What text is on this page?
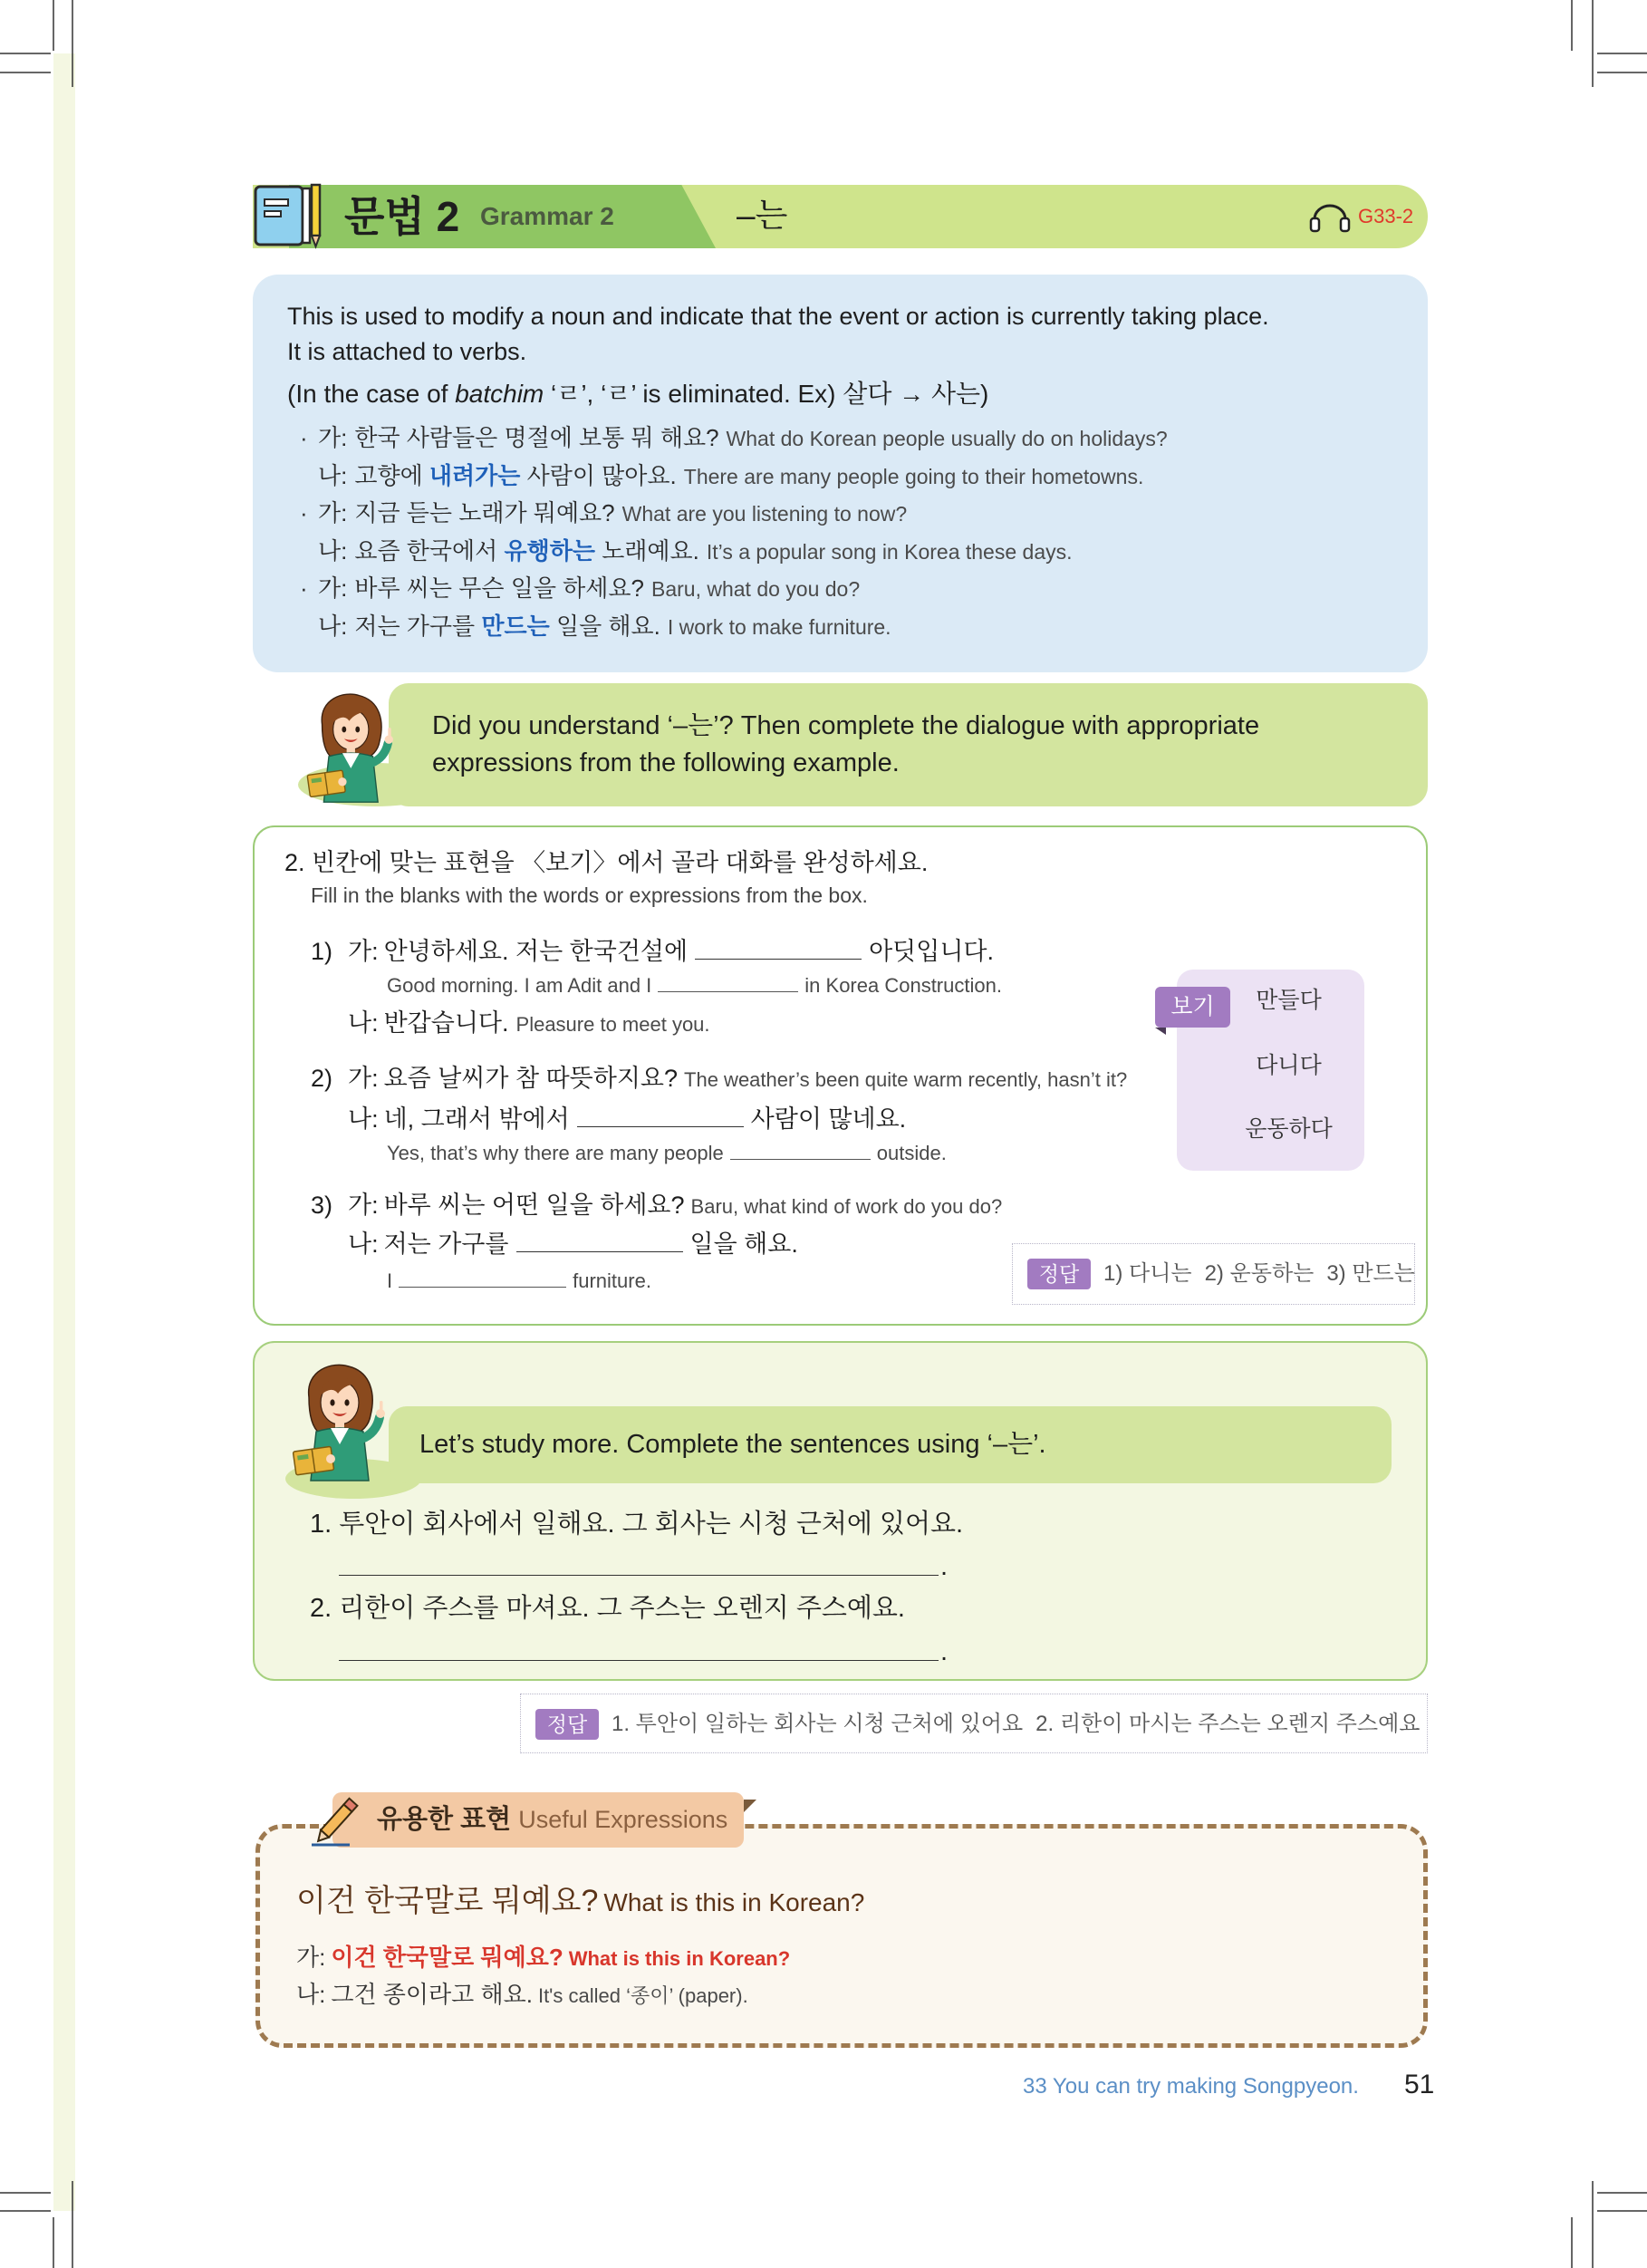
문법 2 Grammar 2	–는	G33-2
This is used to modify a noun and indicate that the event or action is currently taking place.
It is attached to verbs.
(In the case of batchim ‘ㄹ’, ‘ㄹ’ is eliminated. Ex) 살다 → 사는)
· 가: 한국 사람들은 명절에 보통 뭐 해요? What do Korean people usually do on holidays?
나: 고향에 내려가는 사람이 많아요. There are many people going to their hometowns.
· 가: 지금 듣는 노래가 뭐예요? What are you listening to now?
나: 요즘 한국에서 유행하는 노래예요. It’s a popular song in Korea these days.
· 가: 바루 씨는 무슨 일을 하세요? Baru, what do you do?
나: 저는 가구를 만드는 일을 해요. I work to make furniture.
Did you understand ‘–는’? Then complete the dialogue with appropriate
expressions from the following example.
2. 빈칸에 맞는 표현을 〈보기〉에서 골라 대화를 완성하세요.
Fill in the blanks with the words or expressions from the box.
1) 가: 안녕하세요. 저는 한국건설에	아딧입니다.
Good morning. I am Adit and I	in Korea Construction.
나: 반갑습니다. Pleasure to meet you.
2) 가: 요즘 날씨가 참 따뜻하지요? The weather’s been quite warm recently, hasn’t it?
나: 네, 그래서 밖에서	사람이 많네요.
Yes, that’s why there are many people	outside.
3) 가: 바루 씨는 어떤 일을 하세요? Baru, what kind of work do you do?
나: 저는 가구를	일을 해요.
I	furniture.
만들다
다니다
운동하다
보기
정답	1) 다니는 2) 운동하는 3) 만드는
Let’s study more. Complete the sentences using ‘–는’.
1. 투안이 회사에서 일해요. 그 회사는 시청 근처에 있어요.
.
2. 리한이 주스를 마셔요. 그 주스는 오렌지 주스예요.
.
정답	1. 투안이 일하는 회사는 시청 근처에 있어요 2. 리한이 마시는 주스는 오렌지 주스예요
이건 한국말로 뭐예요? What is this in Korean?
가: 이건 한국말로 뭐예요? What is this in Korean?
나: 그건 종이라고 해요. It's called ‘종이’ (paper).
유용한 표현 Useful Expressions
33 You can try making Songpyeon. 51
